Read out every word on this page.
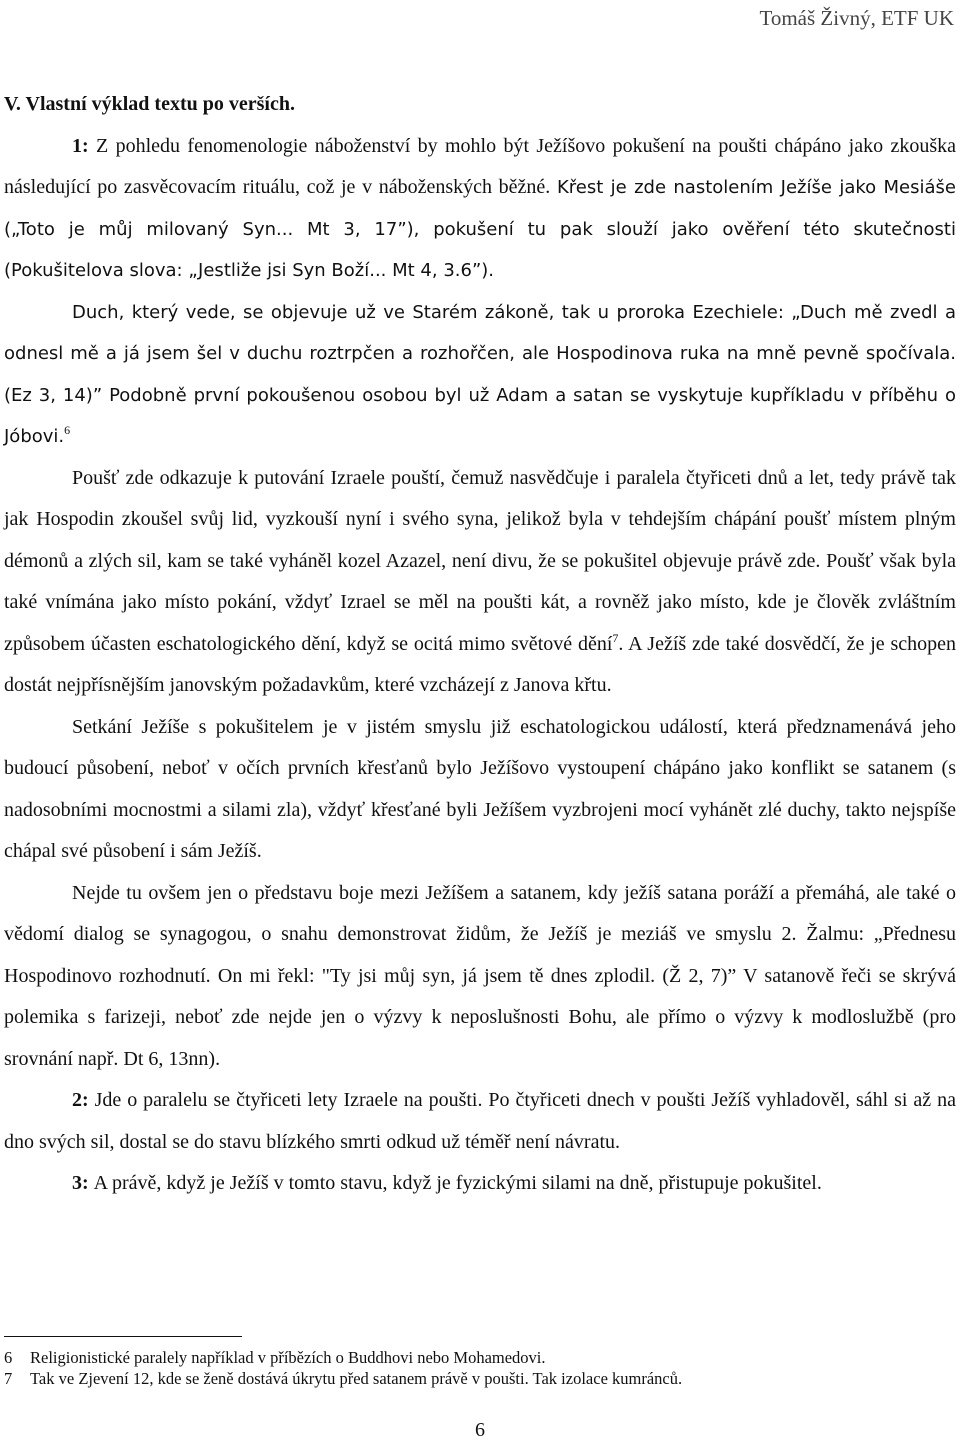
Tomáš Živný, ETF UK
V. Vlastní výklad textu po verších.

1: Z pohledu fenomenologie náboženství by mohlo být Ježíšovo pokušení na poušti chápáno jako zkouška následující po zasvěcovacím rituálu, což je v náboženských běžné. Křest je zde nastolením Ježíše jako Mesiáše („Toto je můj milovaný Syn... Mt 3, 17”), pokušení tu pak slouží jako ověření této skutečnosti (Pokušitelova slova: „Jestliže jsi Syn Boží... Mt 4, 3.6”).

Duch, který vede, se objevuje už ve Starém zákoně, tak u proroka Ezechiele: „Duch mě zvedl a odnesl mě a já jsem šel v duchu roztrpčen a rozhořčen, ale Hospodinova ruka na mně pevně spočívala. (Ez 3, 14)” Podobně první pokoušenou osobou byl už Adam a satan se vyskytuje kupříkladu v příběhu o Jóbovi.$^6$

Poušť zde odkazuje k putování Izraele pouští, čemuž nasvědčuje i paralela čtyřiceti dnů a let, tedy právě tak jak Hospodin zkoušel svůj lid, vyzkouší nyní i svého syna, jelikož byla v tehdejším chápání poušť místem plným démonů a zlých sil, kam se také vyháněl kozel Azazel, není divu, že se pokušitel objevuje právě zde. Poušť však byla také vnímána jako místo pokání, vždyť Izrael se měl na poušti kát, a rovněž jako místo, kde je člověk zvláštním způsobem účasten eschatologického dění, když se ocitá mimo světové dění$^7$. A Ježíš zde také dosvědčí, že je schopen dostát nejpřísnějším janovským požadavkům, které vzcházejí z Janova křtu.

Setkání Ježíše s pokušitelem je v jistém smyslu již eschatologickou událostí, která předznamenává jeho budoucí působení, neboť v očích prvních křesťanů bylo Ježíšovo vystoupení chápáno jako konflikt se satanem (s nadosobními mocnostmi a silami zla), vždyť křesťané byli Ježíšem vyzbrojeni mocí vyhánět zlé duchy, takto nejspíše chápal své působení i sám Ježíš.

Nejde tu ovšem jen o představu boje mezi Ježíšem a satanem, kdy ježíš satana poráží a přemáhá, ale také o vědomí dialog se synagogou, o snahu demonstrovat židům, že Ježíš je meziáš ve smyslu 2. Žalmu: „Přednesu Hospodinovo rozhodnutí. On mi řekl: "Ty jsi můj syn, já jsem tě dnes zplodil. (Ž 2, 7)” V satanově řeči se skrývá polemika s farizeji, neboť zde nejde jen o výzvy k neposlušnosti Bohu, ale přímo o výzvy k modloslužbě (pro srovnání např. Dt 6, 13nn).

2: Jde o paralelu se čtyřiceti lety Izraele na poušti. Po čtyřiceti dnech v poušti Ježíš vyhladověl, sáhl si až na dno svých sil, dostal se do stavu blízkého smrti odkud už téměř není návratu.

3: A právě, když je Ježíš v tomto stavu, když je fyzickými silami na dně, přistupuje pokušitel.

6	Religionistické paralely například v příbězích o Buddhovi nebo Mohamedovi.
7	Tak ve Zjevení 12, kde se ženě dostává úkrytu před satanem právě v poušti. Tak izolace kumránců.
6
